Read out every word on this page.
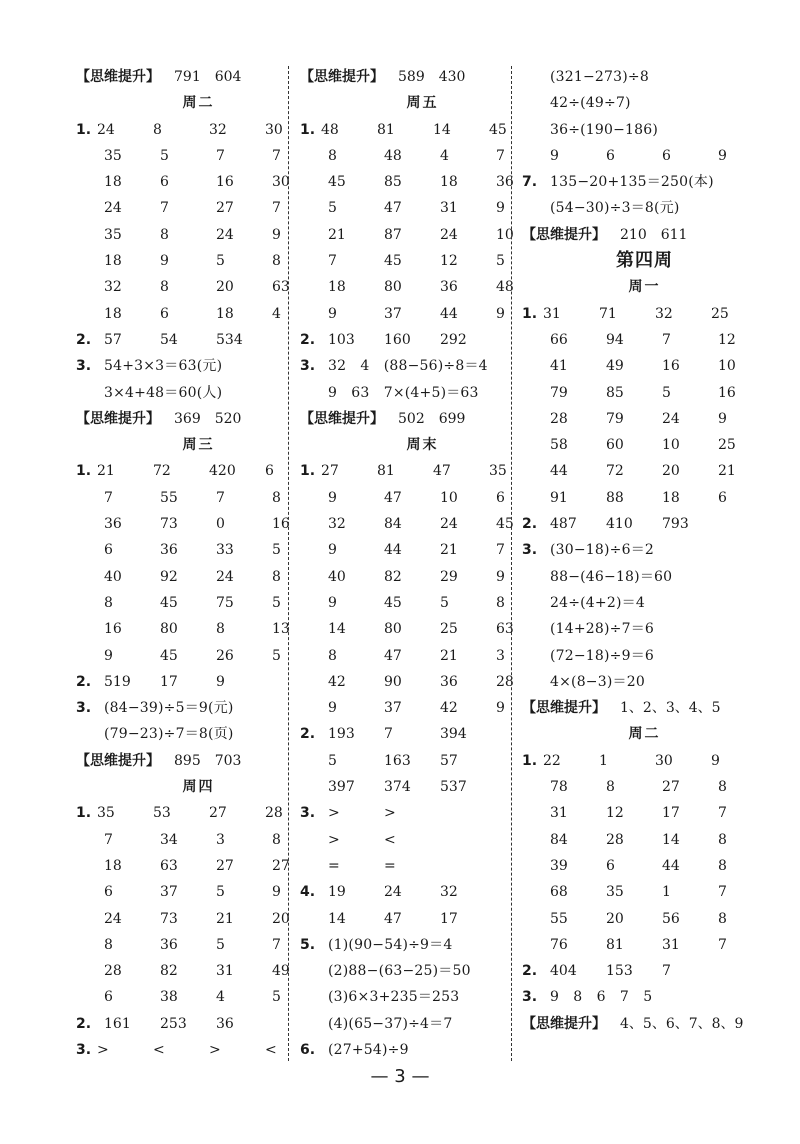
【思维提升】 791 604
周二
1. 24	8	32	30
35	5	7	7
18	6	16	30
24	7	27	7
35	8	24	9
18	9	5	8
32	8	20	63
18	6	18	4
2. 57	54	534
3. 54+3×3＝63(元)
3×4+48＝60(人)
【思维提升】 369 520
周三
1. 21	72	420 6
7	55	7	8
36	73	0	16
6	36	33	5
40	92	24	8
8	45	75	5
16	80	8	13
9	45	26	5
2. 519 17	9
3. (84−39)÷5＝9(元)
(79−23)÷7＝8(页)
【思维提升】 895 703
周四
1. 35	53	27	28
7	34	3	8
18	63	27	27
6	37	5	9
24	73	21	20
8	36	5	7
28	82	31	49
6	38	4	5
2. 161 253 36
3. >	<	>	<
【思维提升】 589 430
周五
1. 48	81	14	45
8	48	4	7
45	85	18	36
5	47	31	9
21	87	24	10
7	45	12	5
18	80	36	48
9	37	44	9
2. 103 160 292
3. 32　4　(88−56)÷8＝4
9　63　7×(4+5)＝63
【思维提升】 502 699
周末
1. 27	81	47	35
9	47	10	6
32	84	24	45
9	44	21	7
40	82	29	9
9	45	5	8
14	80	25	63
8	47	21	3
42	90	36	28
9	37	42	9
2. 193 7	394
5	163 57
397 374 537
3. >	>
>	<
=	=
4. 19	24	32
14	47	17
5. (1)(90−54)÷9＝4
(2)88−(63−25)＝50
(3)6×3+235＝253
(4)(65−37)÷4＝7
6. (27+54)÷9
(321−273)÷8
42÷(49÷7)
36÷(190−186)
9	6	6	9
7. 135−20+135＝250(本)
(54−30)÷3＝8(元)
【思维提升】 210 611
第四周
周一
1. 31	71	32	25
66	94	7	12
41	49	16	10
79	85	5	16
28	79	24	9
58	60	10	25
44	72	20	21
91	88	18	6
2. 487 410 793
3. (30−18)÷6＝2
88−(46−18)＝60
24÷(4+2)＝4
(14+28)÷7＝6
(72−18)÷9＝6
4×(8−3)＝20
【思维提升】 1、2、3、4、5
周二
1. 22	1	30	9
78	8	27	8
31	12	17	7
84	28	14	8
39	6	44	8
68	35	1	7
55	20	56	8
76	81	31	7
2. 404 153 7
3. 9　8　6　7　5
【思维提升】 4、5、6、7、8、9
— 3 —
